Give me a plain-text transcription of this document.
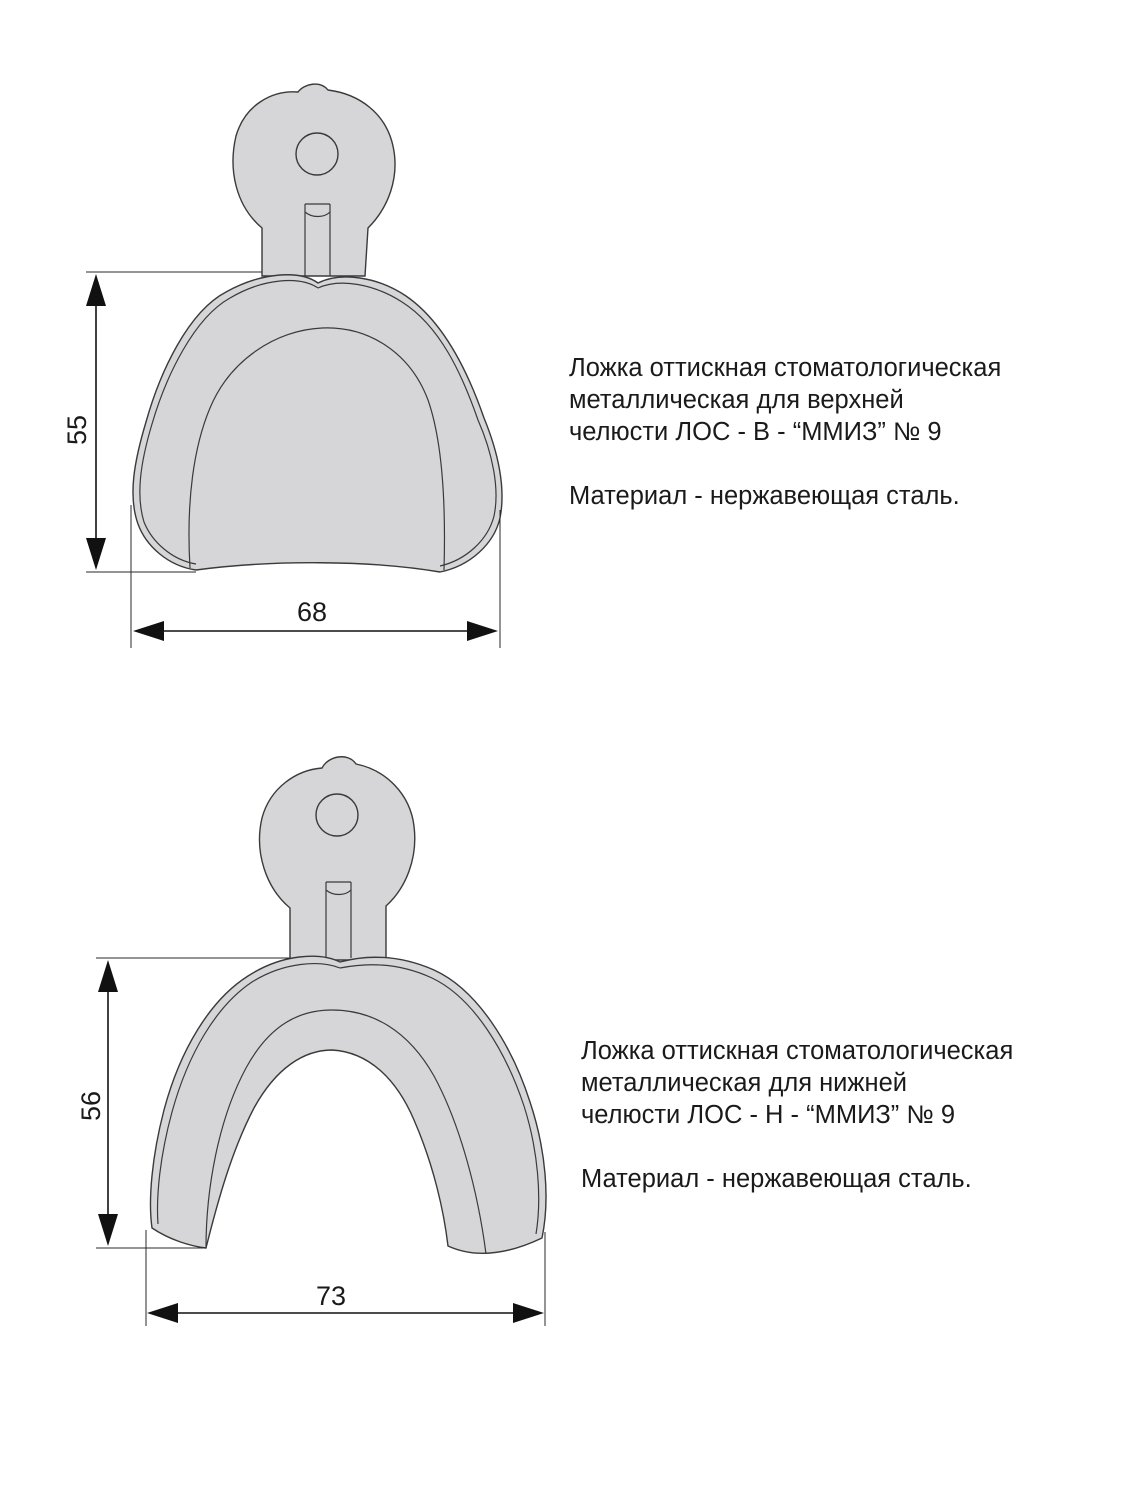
55
68
56
73
Ложка оттискная стоматологическая
металлическая для верхней
челюсти ЛОС - В - “ММИЗ” № 9
Материал - нержавеющая сталь.
Ложка оттискная стоматологическая
металлическая для нижней
челюсти ЛОС - Н - “ММИЗ” № 9
Материал - нержавеющая сталь.
